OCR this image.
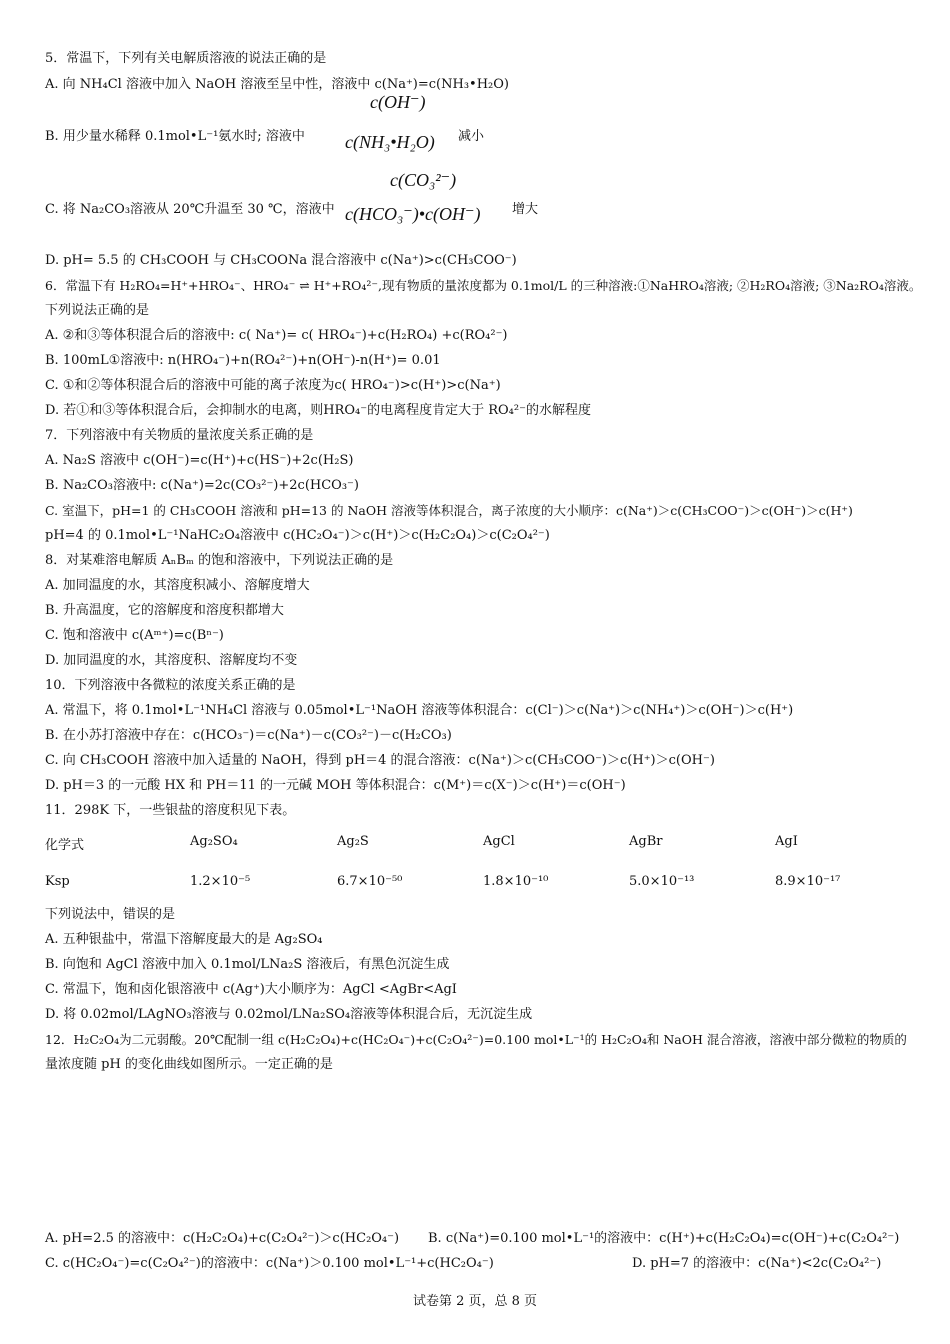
5．常温下，下列有关电解质溶液的说法正确的是
A. 向 NH₄Cl 溶液中加入 NaOH 溶液至呈中性，溶液中 c(Na⁺)=c(NH₃•H₂O)
c(OH⁻)
B. 用少量水稀释 0.1mol•L⁻¹氨水时; 溶液中 c(NH₃•H₂O) 减小
c(CO₃²⁻)
C. 将 Na₂CO₃溶液从 20℃升温至 30 ℃，溶液中 c(HCO₃⁻)•c(OH⁻) 增大
D. pH= 5.5 的 CH₃COOH 与 CH₃COONa 混合溶液中 c(Na⁺)>c(CH₃COO⁻)
6．常温下有 H₂RO₄=H⁺+HRO₄⁻、HRO₄⁻ ⇌ H⁺+RO₄²⁻,现有物质的量浓度都为 0.1mol/L 的三种溶液:①NaHRO₄溶液; ②H₂RO₄溶液; ③Na₂RO₄溶液。
下列说法正确的是
A. ②和③等体积混合后的溶液中: c( Na⁺)= c( HRO₄⁻)+c(H₂RO₄) +c(RO₄²⁻)
B. 100mL①溶液中: n(HRO₄⁻)+n(RO₄²⁻)+n(OH⁻)-n(H⁺)= 0.01
C. ①和②等体积混合后的溶液中可能的离子浓度为c( HRO₄⁻)>c(H⁺)>c(Na⁺)
D. 若①和③等体积混合后，会抑制水的电离，则HRO₄⁻的电离程度肯定大于 RO₄²⁻的水解程度
7．下列溶液中有关物质的量浓度关系正确的是
A. Na₂S 溶液中 c(OH⁻)=c(H⁺)+c(HS⁻)+2c(H₂S)
B. Na₂CO₃溶液中: c(Na⁺)=2c(CO₃²⁻)+2c(HCO₃⁻)
C. 室温下，pH=1 的 CH₃COOH 溶液和 pH=13 的 NaOH 溶液等体积混合，离子浓度的大小顺序：c(Na⁺)＞c(CH₃COO⁻)＞c(OH⁻)＞c(H⁺)
pH=4 的 0.1mol•L⁻¹NaHC₂O₄溶液中 c(HC₂O₄⁻)＞c(H⁺)＞c(H₂C₂O₄)＞c(C₂O₄²⁻)
8．对某难溶电解质 AₙBₘ 的饱和溶液中，下列说法正确的是
A. 加同温度的水，其溶度积减小、溶解度增大
B. 升高温度，它的溶解度和溶度积都增大
C. 饱和溶液中 c(Aᵐ⁺)=c(Bⁿ⁻)
D. 加同温度的水，其溶度积、溶解度均不变
10．下列溶液中各微粒的浓度关系正确的是
A. 常温下，将 0.1mol•L⁻¹NH₄Cl 溶液与 0.05mol•L⁻¹NaOH 溶液等体积混合：c(Cl⁻)＞c(Na⁺)＞c(NH₄⁺)＞c(OH⁻)＞c(H⁺)
B. 在小苏打溶液中存在：c(HCO₃⁻)＝c(Na⁺)－c(CO₃²⁻)－c(H₂CO₃)
C. 向 CH₃COOH 溶液中加入适量的 NaOH，得到 pH＝4 的混合溶液：c(Na⁺)＞c(CH₃COO⁻)＞c(H⁺)＞c(OH⁻)
D. pH＝3 的一元酸 HX 和 PH＝11 的一元碱 MOH 等体积混合：c(M⁺)＝c(X⁻)＞c(H⁺)＝c(OH⁻)
11．298K 下，一些银盐的溶度积见下表。
化学式	Ag₂SO₄	Ag₂S	AgCl	AgBr	AgI
Ksp	1.2×10⁻⁵	6.7×10⁻⁵⁰	1.8×10⁻¹⁰	5.0×10⁻¹³	8.9×10⁻¹⁷
下列说法中，错误的是
A. 五种银盐中，常温下溶解度最大的是 Ag₂SO₄
B. 向饱和 AgCl 溶液中加入 0.1mol/LNa₂S 溶液后，有黑色沉淀生成
C. 常温下，饱和卤化银溶液中 c(Ag⁺)大小顺序为：AgCl <AgBr<AgI
D. 将 0.02mol/LAgNO₃溶液与 0.02mol/LNa₂SO₄溶液等体积混合后，无沉淀生成
12．H₂C₂O₄为二元弱酸。20℃配制一组 c(H₂C₂O₄)+c(HC₂O₄⁻)+c(C₂O₄²⁻)=0.100 mol•L⁻¹的 H₂C₂O₄和 NaOH 混合溶液，溶液中部分微粒的物质的
量浓度随 pH 的变化曲线如图所示。一定正确的是
A. pH=2.5 的溶液中：c(H₂C₂O₄)+c(C₂O₄²⁻)＞c(HC₂O₄⁻) B. c(Na⁺)=0.100 mol•L⁻¹的溶液中：c(H⁺)+c(H₂C₂O₄)=c(OH⁻)+c(C₂O₄²⁻)
C. c(HC₂O₄⁻)=c(C₂O₄²⁻)的溶液中：c(Na⁺)＞0.100 mol•L⁻¹+c(HC₂O₄⁻)	D. pH=7 的溶液中：c(Na⁺)<2c(C₂O₄²⁻)
试卷第 2 页，总 8 页
